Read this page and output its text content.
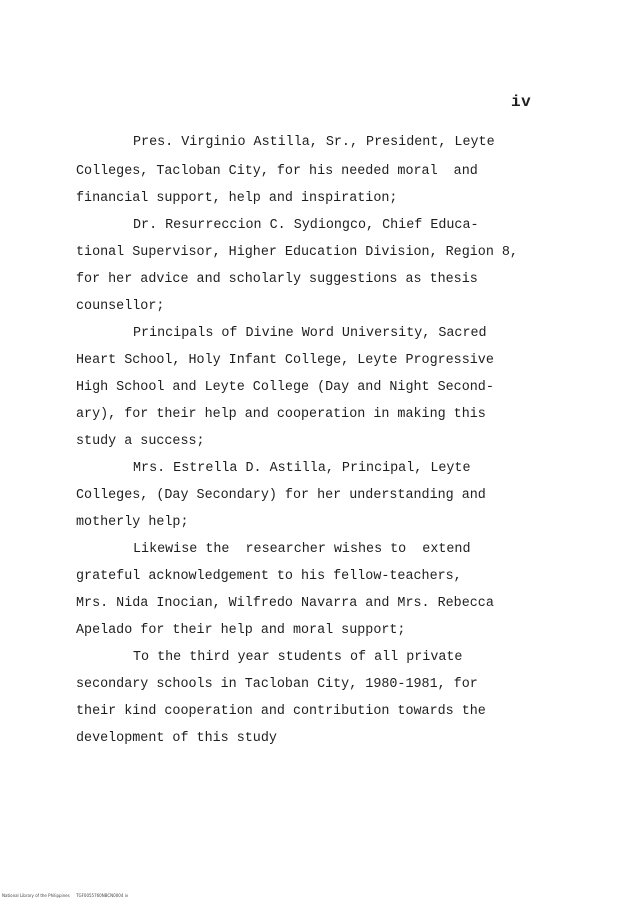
iv
Pres. Virginio Astilla, Sr., President, Leyte
Colleges, Tacloban City, for his needed moral  and
financial support, help and inspiration;
Dr. Resurreccion C. Sydiongco, Chief Educa-
tional Supervisor, Higher Education Division, Region 8,
for her advice and scholarly suggestions as thesis
counsellor;
Principals of Divine Word University, Sacred
Heart School, Holy Infant College, Leyte Progressive
High School and Leyte College (Day and Night Second-
ary), for their help and cooperation in making this
study a success;
Mrs. Estrella D. Astilla, Principal, Leyte
Colleges, (Day Secondary) for her understanding and
motherly help;
Likewise the  researcher wishes to  extend
grateful acknowledgement to his fellow-teachers,
Mrs. Nida Inocian, Wilfredo Navarra and Mrs. Rebecca
Apelado for their help and moral support;
To the third year students of all private
secondary schools in Tacloban City, 1980-1981, for
their kind cooperation and contribution towards the
development of this study
National Library of the Philippines     TGF0055760NBCN0004 iv
